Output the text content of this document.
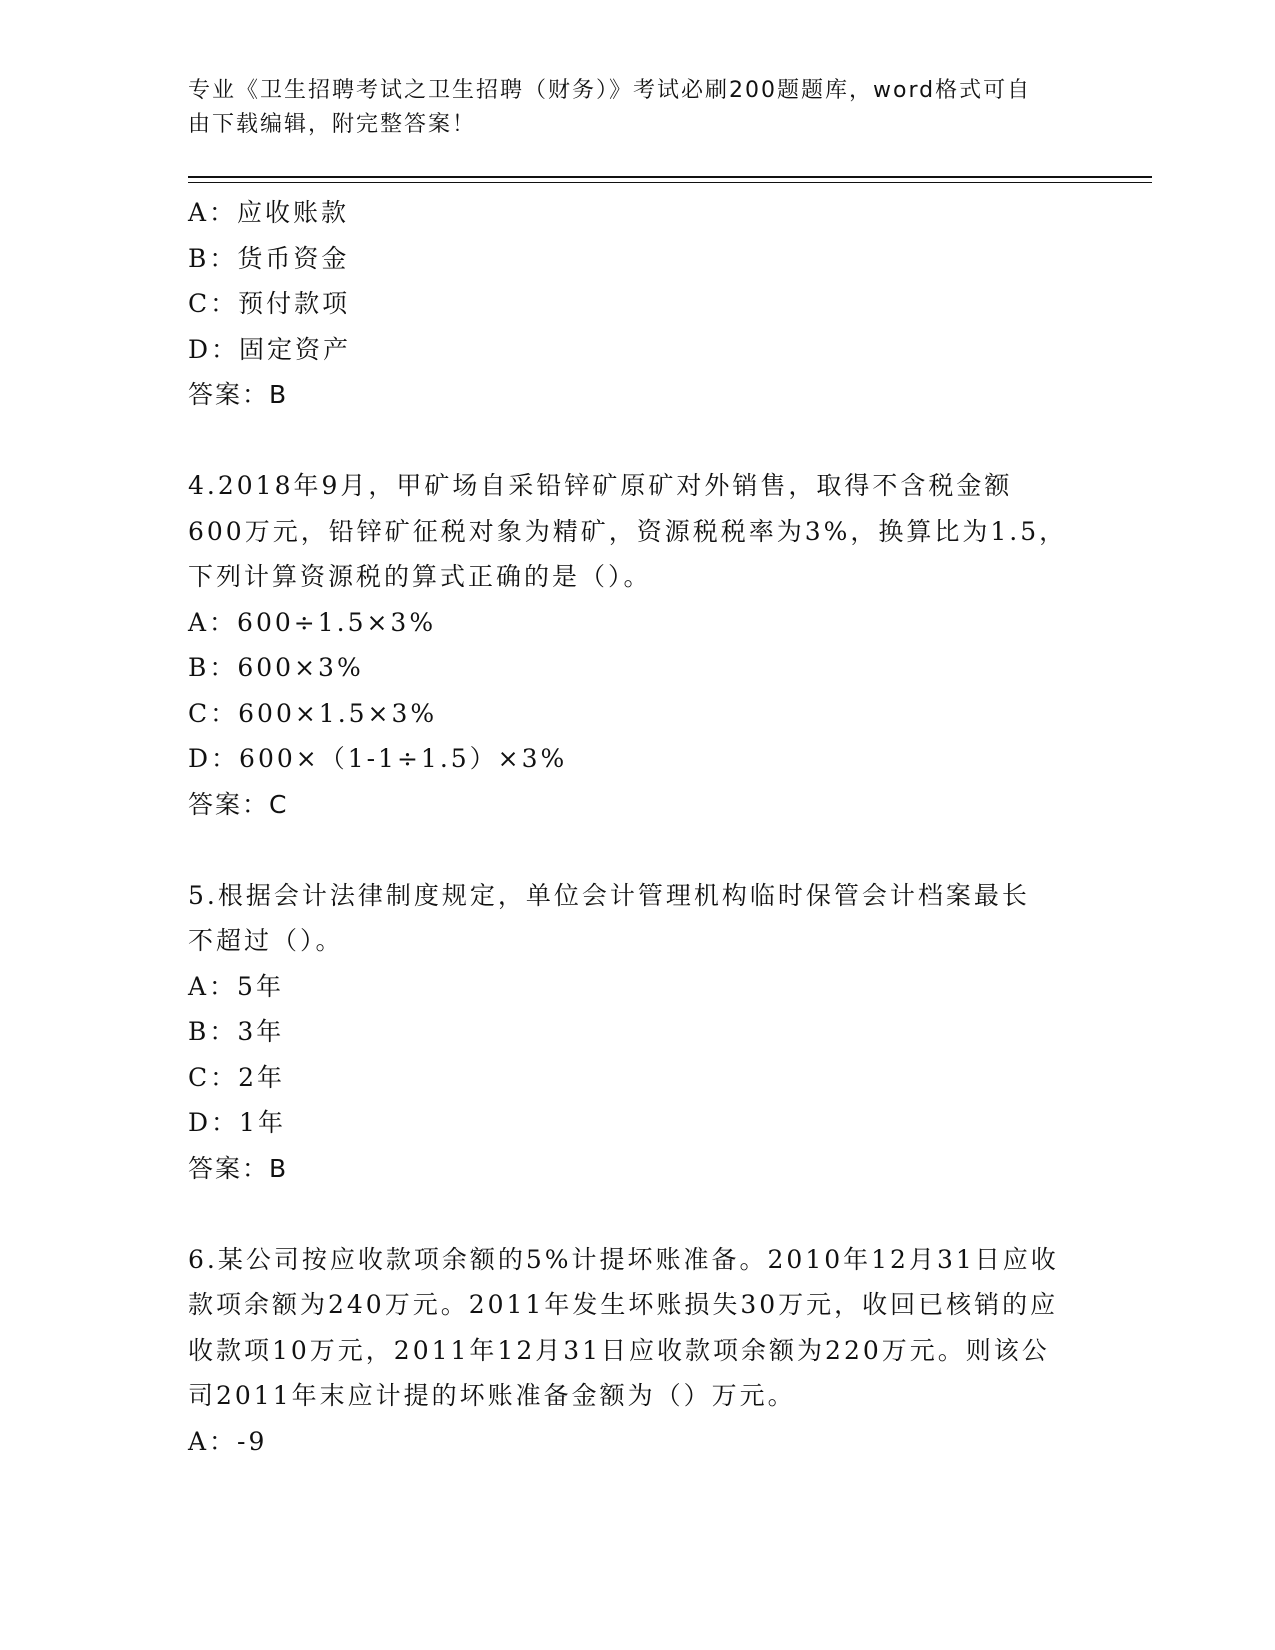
专业《卫生招聘考试之卫生招聘（财务）》考试必刷200题题库，word格式可自
由下载编辑，附完整答案！
A：应收账款
B：货币资金
C：预付款项
D：固定资产
答案：B
4.2018年9月，甲矿场自采铅锌矿原矿对外销售，取得不含税金额
600万元，铅锌矿征税对象为精矿，资源税税率为3%，换算比为1.5，
下列计算资源税的算式正确的是（）。
A：600÷1.5×3%
B：600×3%
C：600×1.5×3%
D：600×（1-1÷1.5）×3%
答案：C
5.根据会计法律制度规定，单位会计管理机构临时保管会计档案最长
不超过（）。
A：5年
B：3年
C：2年
D：1年
答案：B
6.某公司按应收款项余额的5%计提坏账准备。2010年12月31日应收
款项余额为240万元。2011年发生坏账损失30万元，收回已核销的应
收款项10万元，2011年12月31日应收款项余额为220万元。则该公
司2011年末应计提的坏账准备金额为（）万元。
A：-9
